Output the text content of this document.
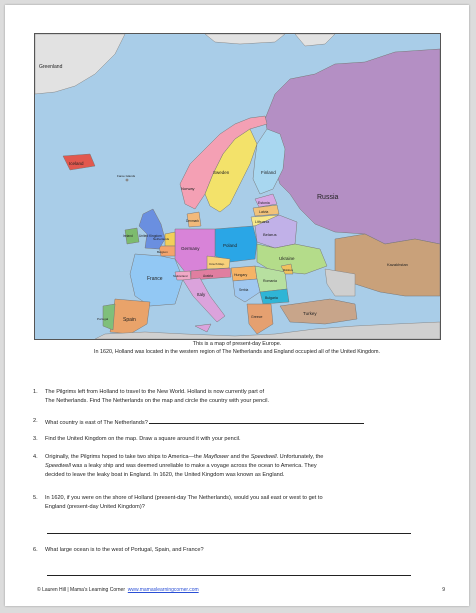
Greenland
Iceland
Faroe Islands
Norway
Sweden	Finland
Russia
Estonia
Latvia
Lithuania
Belarus
Ukraine
Poland
Germany
Denmark
Netherlands
Belgium
United Kingdom
Ireland
France
Spain
Portugal
Italy
Switzerland	Austria
Czech Rep.
Hungary
Romania
Moldova
Serbia
Bulgaria
Greece
Turkey
Kazakhstan
This is a map of present-day Europe.
In 1620, Holland was located in the western region of The Netherlands and England occupied all of the United Kingdom.
1.	The Pilgrims left from Holland to travel to the New World. Holland is now currently part of
The Netherlands. Find The Netherlands on the map and circle the country with your pencil.
2.	What country is east of The Netherlands?
3.	Find the United Kingdom on the map. Draw a square around it with your pencil.
4.	Originally, the Pilgrims hoped to take two ships to America—the Mayflower and the Speedwell. Unfortunately, the
Speedwell was a leaky ship and was deemed unreliable to make a voyage across the ocean to America. They
decided to leave the leaky boat in England. In 1620, the United Kingdom was known as England.
5.	In 1620, if you were on the shore of Holland (present-day The Netherlands), would you sail east or west to get to
England (present-day United Kingdom)?
6.	What large ocean is to the west of Portugal, Spain, and France?
© Lauren Hill | Mama’s Learning Corner www.mamaslearningcorner.com	9
